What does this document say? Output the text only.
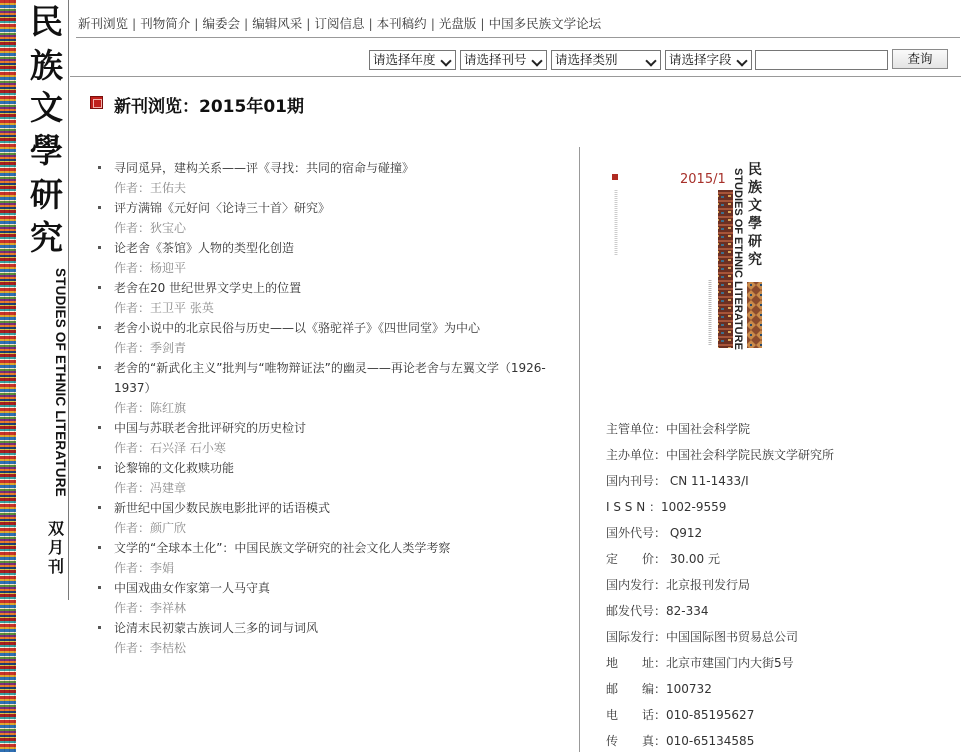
民
族
文
學
研
究
STUDIES OF ETHNIC LITERATURE
双
月
刊
新刊浏览 | 刊物简介 | 编委会 | 编辑风采 | 订阅信息 | 本刊稿约 | 光盘版 | 中国多民族文学论坛
请选择年度	请选择刊号	请选择类别	请选择字段	查询
新刊浏览：2015年01期
寻同觅异，建构关系——评《寻找：共同的宿命与碰撞》
作者：王佑夫
评方满锦《元好问〈论诗三十首〉研究》
作者：狄宝心
论老舍《茶馆》人物的类型化创造
作者：杨迎平
老舍在20 世纪世界文学史上的位置
作者：王卫平 张英
老舍小说中的北京民俗与历史——以《骆驼祥子》《四世同堂》为中心
作者：季剑青
老舍的“新武化主义”批判与“唯物辩证法”的幽灵——再论老舍与左翼文学（1926-1937）
作者：陈红旗
中国与苏联老舍批评研究的历史检讨
作者：石兴泽 石小寒
论黎锦的文化救赎功能
作者：冯建章
新世纪中国少数民族电影批评的话语模式
作者：颜广欣
文学的“全球本土化”：中国民族文学研究的社会文化人类学考察
作者：李娟
中国戏曲女作家第一人马守真
作者：李祥林
论清末民初蒙古族词人三多的词与词风
作者：李桔松
2015/1 STUDIES OF ETHNIC LITERATURE 民
族
文
學
研
究
主管单位：中国社会科学院
主办单位：中国社会科学院民族文学研究所
国内刊号： CN 11-1433/I
I S S N ：1002-9559
国外代号： Q912
定　　价： 30.00 元
国内发行：北京报刊发行局
邮发代号：82-334
国际发行：中国国际图书贸易总公司
地　　址：北京市建国门内大街5号
邮　　编：100732
电　　话：010-85195627
传　　真：010-65134585
